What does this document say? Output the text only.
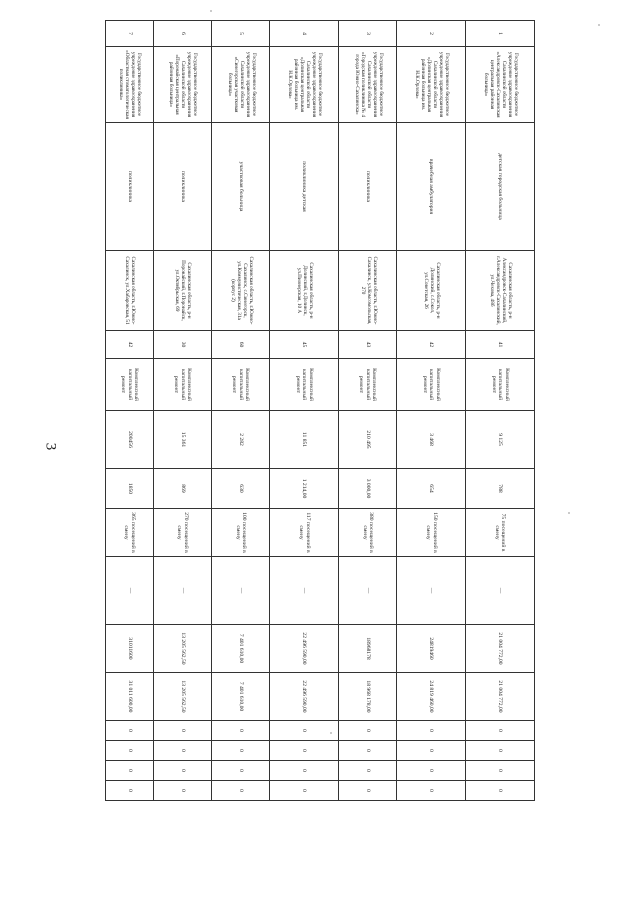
3
1	Государственное бюджетное учреждение здравоохранения Сахалинской области «Александровск-Сахалинская центральная районная больница»	детская городская больница	Сахалинская область, р-н Александровск-Сахалинский, г.Александровск-Сахалинский, ул.Чехова, 48б	41	Комплексный капитальный ремонт	9 125	788	75 посещений в смену	—	21 004 772,00	21 004 772,00	0	0	0	0
2	Государственное бюджетное учреждение здравоохранения Сахалинской области «Долинская центральная районная больница им. Н.К.Орлова»	врачебная амбулатория	Сахалинская область, р-н Долинский, с.Сокол, ул.Советская, 26	42	Комплексный капитальный ремонт	3 468	654	150 посещений в смену	—	24819460	24 819 460,00	0	0	0	0
3	Государственное бюджетное учреждение здравоохранения Сахалинской области «Городская поликлиника № 4 города Южно-Сахалинска»	поликлиника	Сахалинская область, г.Южно-Сахалинск, ул.Комсомольская, 270	43	Комплексный капитальный ремонт	210 495	3 000,00	380 посещений в смену	—	18968178	18 968 178,00	0	0	0	0
4	Государственное бюджетное учреждение здравоохранения Сахалинской области «Долинская центральная районная больница им. Н.К.Орлова»	поликлиника детская	Сахалинская область, р-н Долинский, г.Долинск, ул.Пионерская, 10 А	45	Комплексный капитальный ремонт	11 851	1 214,00	117 посещений в смену	—	22 496 590,00	22 496 590,00	0	0	0	0
5	Государственное бюджетное учреждение здравоохранения Сахалинской области «Синегорская участковая больница»	участковая больница	Сахалинская область, г.Южно-Сахалинск, с.Синегорск, ул.Коммунистическая, 31а (корпус 2)	60	Комплексный капитальный ремонт	2 282	630	100 посещений в смену	—	7 401 610,00	7 401 610,00	0	0	0	0
6	Государственное бюджетное учреждение здравоохранения Сахалинской области «Поронайская центральная районная больница»	поликлиника	Сахалинская область, р-н Поронайский, г.Поронайск, ул.Октябрьская, 69	30	Комплексный капитальный ремонт	15 361	869	270 посещений в смену	—	13 205 562,50	13 205 562,50	0	0	0	0
7	Государственное бюджетное учреждение здравоохранения «Областная стоматологическая поликлиника»	поликлиника	Сахалинская область, г.Южно-Сахалинск, ул.Хабаровская, 51	42	Комплексный капитальный ремонт	200456	1850	365 посещений в смену	—	31011600	31 011 600,00	0	0	0	0
